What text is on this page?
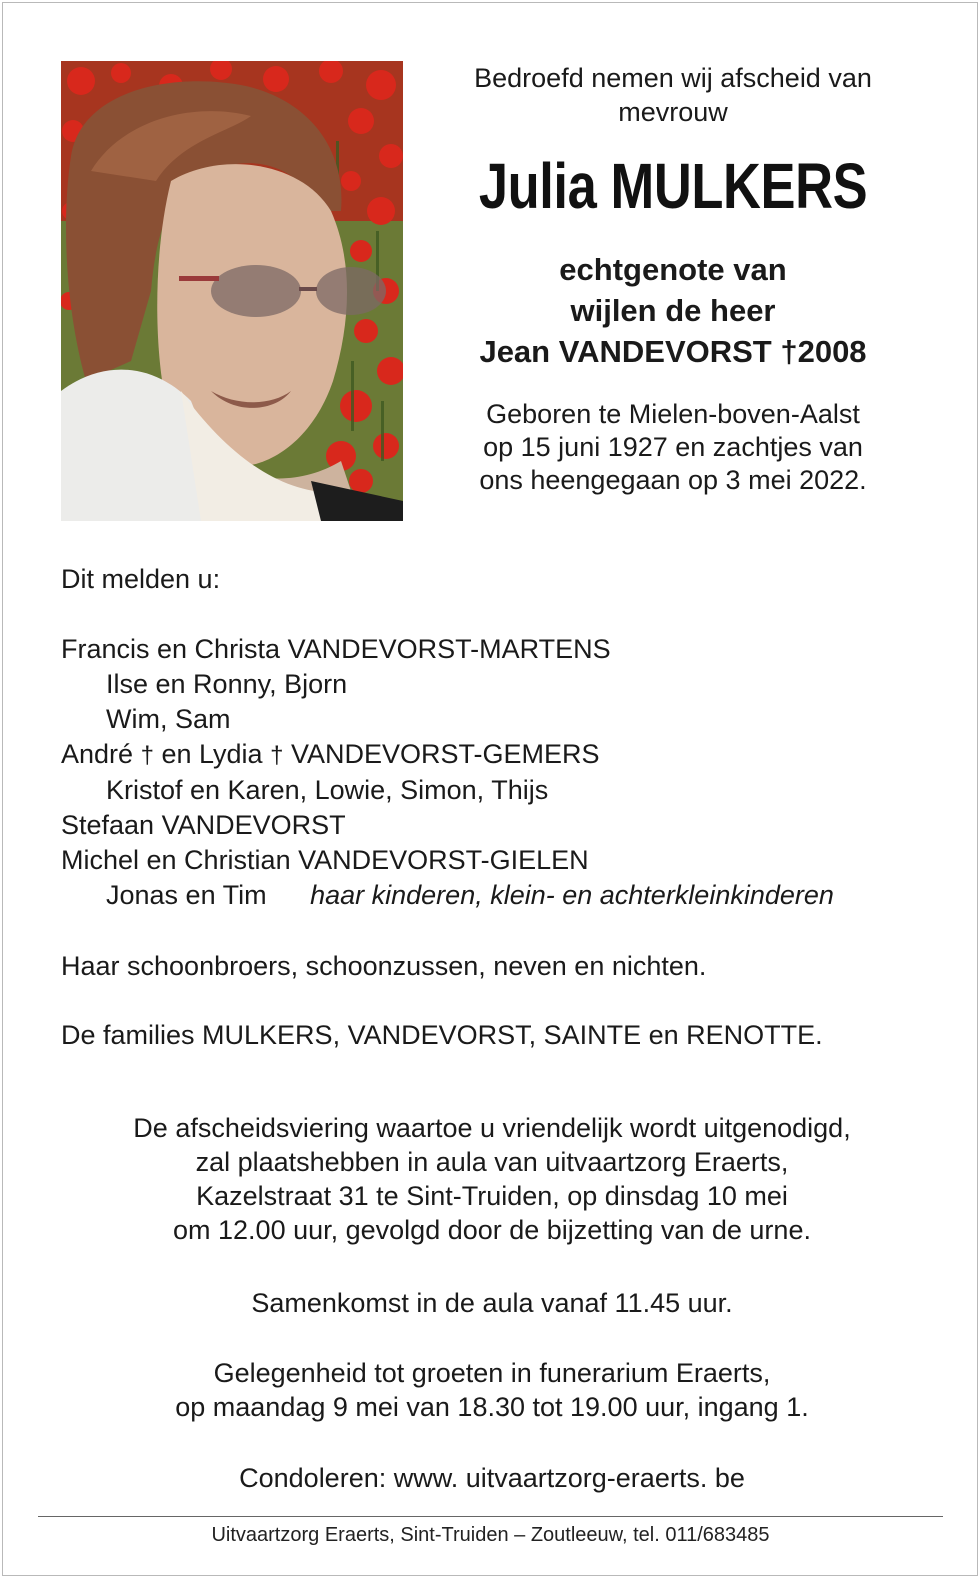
Bedroefd nemen wij afscheid van
mevrouw
Julia MULKERS
echtgenote van
wijlen de heer
Jean VANDEVORST †2008
Geboren te Mielen-boven-Aalst
op 15 juni 1927 en zachtjes van
ons heengegaan op 3 mei 2022.
Dit melden u:
Francis en Christa VANDEVORST-MARTENS
Ilse en Ronny, Bjorn
Wim, Sam
André † en Lydia † VANDEVORST-GEMERS
Kristof en Karen, Lowie, Simon, Thijs
Stefaan VANDEVORST
Michel en Christian VANDEVORST-GIELEN
Jonas en Tim haar kinderen, klein- en achterkleinkinderen
Haar schoonbroers, schoonzussen, neven en nichten.
De families MULKERS, VANDEVORST, SAINTE en RENOTTE.
De afscheidsviering waartoe u vriendelijk wordt uitgenodigd,
zal plaatshebben in aula van uitvaartzorg Eraerts,
Kazelstraat 31 te Sint-Truiden, op dinsdag 10 mei
om 12.00 uur, gevolgd door de bijzetting van de urne.
Samenkomst in de aula vanaf 11.45 uur.
Gelegenheid tot groeten in funerarium Eraerts,
op maandag 9 mei van 18.30 tot 19.00 uur, ingang 1.
Condoleren: www. uitvaartzorg-eraerts. be
Uitvaartzorg Eraerts, Sint-Truiden – Zoutleeuw, tel. 011/683485
